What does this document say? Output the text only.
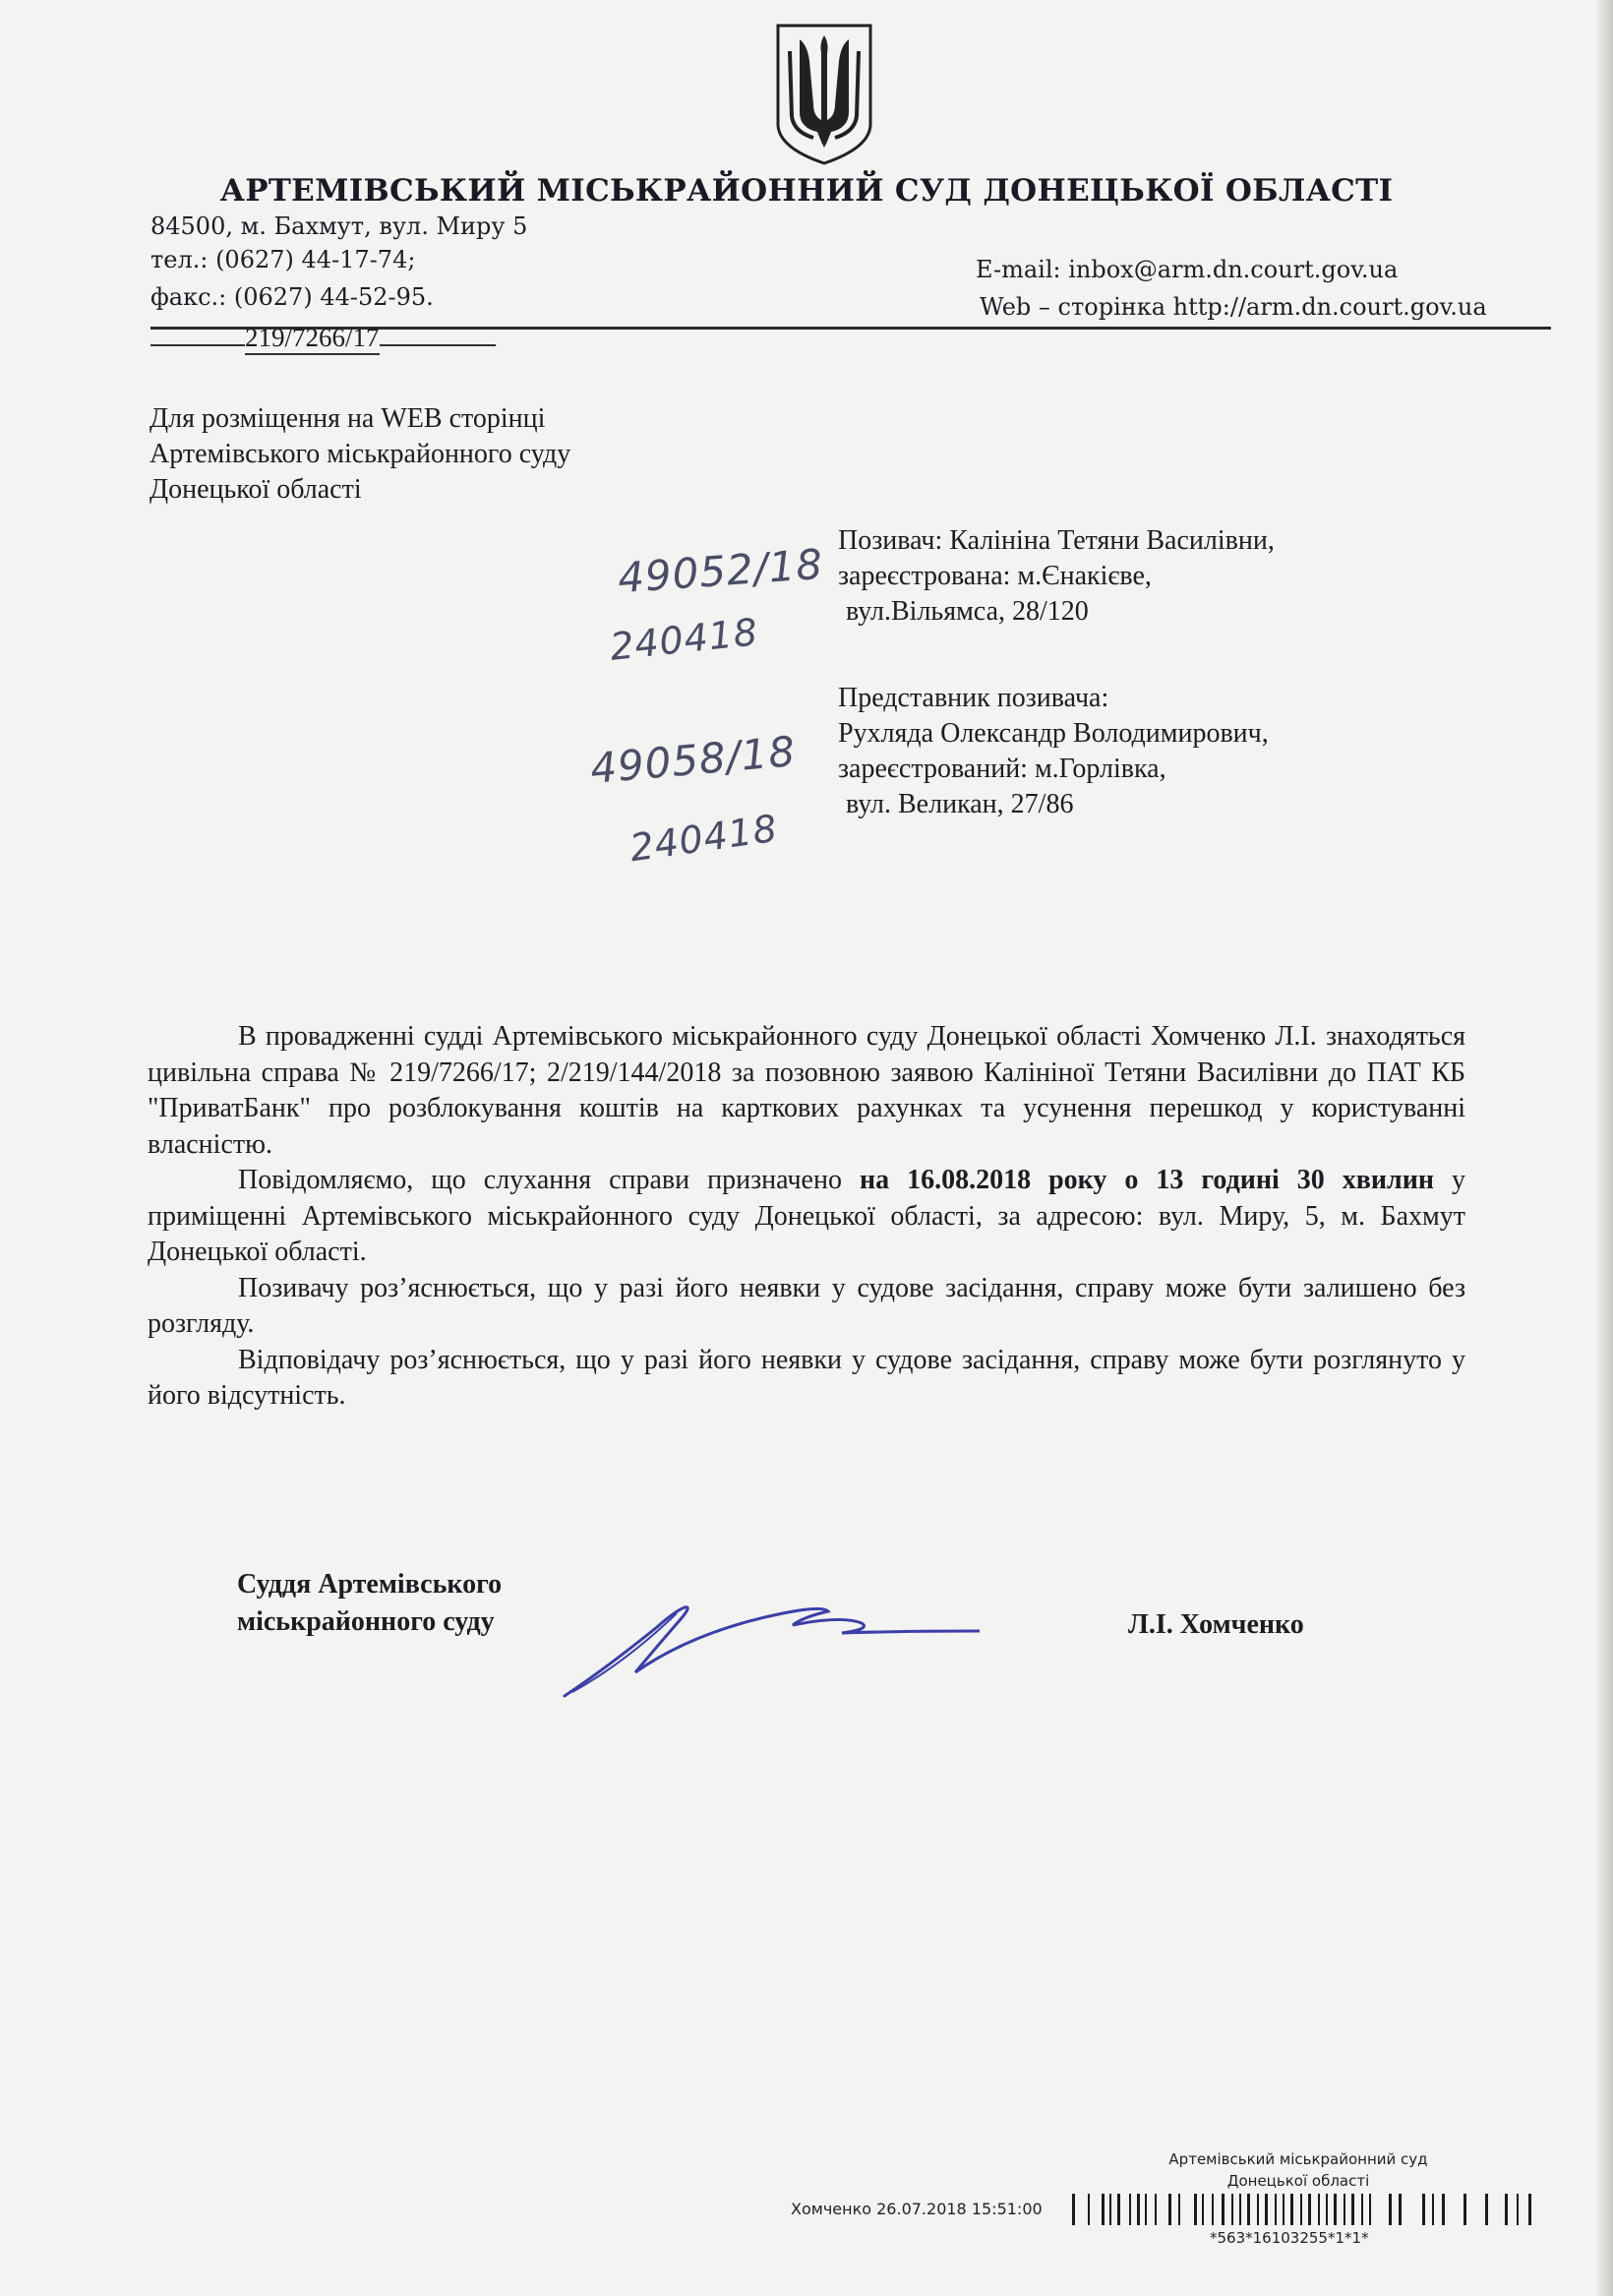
АРТЕМІВСЬКИЙ МІСЬКРАЙОННИЙ СУД ДОНЕЦЬКОЇ ОБЛАСТІ
84500, м. Бахмут, вул. Миру 5
тел.: (0627) 44-17-74;
факс.: (0627) 44-52-95.
E-mail: inbox@arm.dn.court.gov.ua
Web – сторінка http://arm.dn.court.gov.ua
219/7266/17
Для розміщення на WEB сторінці
Артемівського міськрайонного суду
Донецької області
49052/18
240418
49058/18
240418
Позивач: Калініна Тетяни Василівни,
зареєстрована: м.Єнакієве,
вул.Вільямса, 28/120
Представник позивача:
Рухляда Олександр Володимирович,
зареєстрований: м.Горлівка,
вул. Великан, 27/86

В провадженні судді Артемівського міськрайонного суду Донецької області Хомченко Л.І. знаходяться цивільна справа № 219/7266/17; 2/219/144/2018 за позовною заявою Калініної Тетяни Василівни до ПАТ КБ "ПриватБанк" про розблокування коштів на карткових рахунках та усунення перешкод у користуванні власністю.

Повідомляємо, що слухання справи призначено на 16.08.2018 року о 13 годині 30 хвилин у приміщенні Артемівського міськрайонного суду Донецької області, за адресою: вул. Миру, 5, м. Бахмут Донецької області.

Позивачу роз’яснюється, що у разі його неявки у судове засідання, справу може бути залишено без розгляду.

Відповідачу роз’яснюється, що у разі його неявки у судове засідання, справу може бути розглянуто у його відсутність.

Суддя Артемівського
міськрайонного суду	Л.І. Хомченко
Артемівський міськрайонний суд
Донецької області
Хомченко 26.07.2018 15:51:00
*563*16103255*1*1*
